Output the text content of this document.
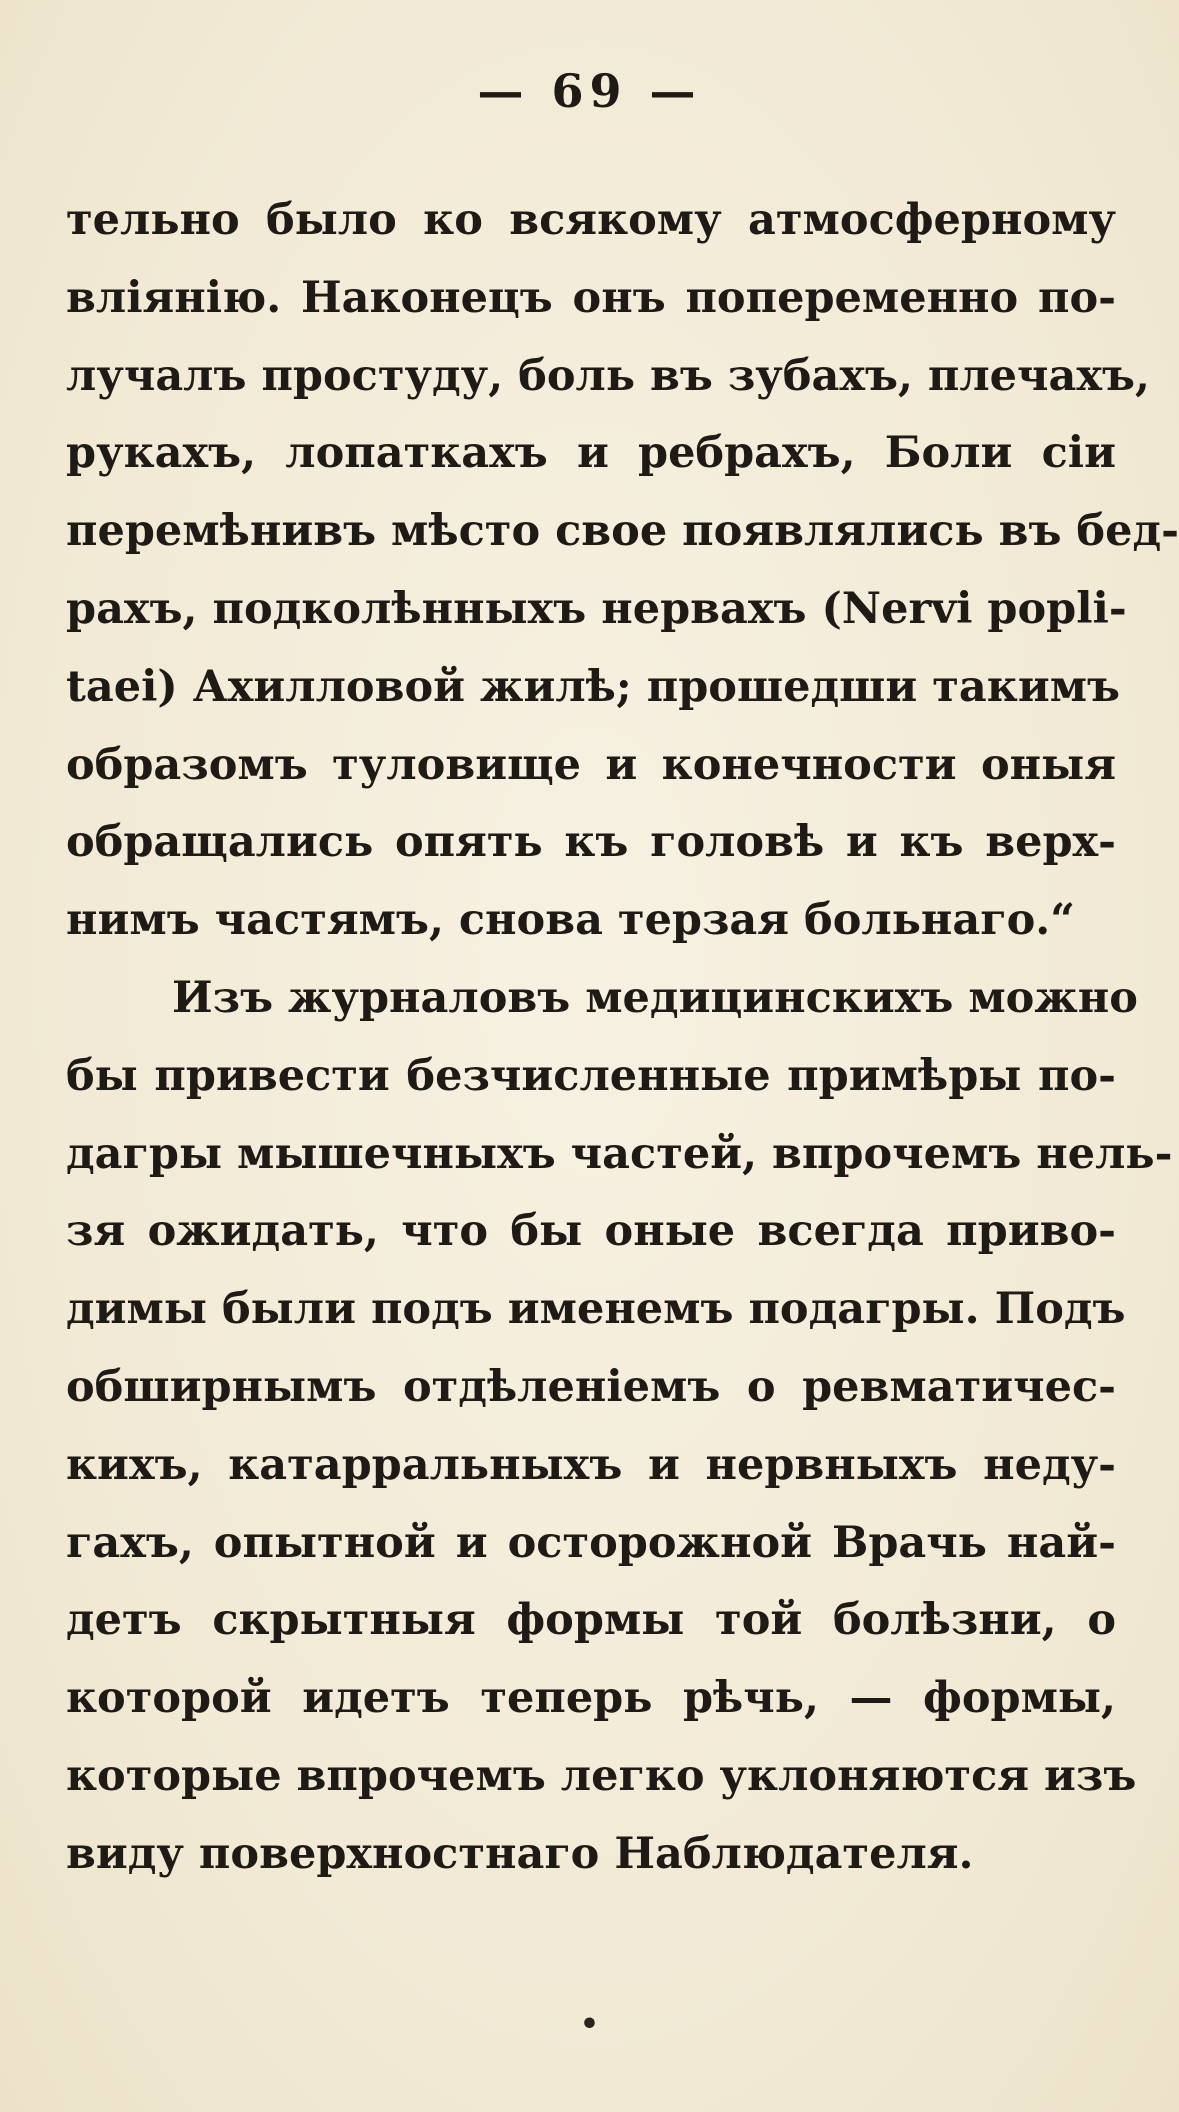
— 69 —
тельно было ко всякому атмосферному
вліянію. Наконецъ онъ попеременно по-
лучалъ простуду, боль въ зубахъ, плечахъ,
рукахъ, лопаткахъ и ребрахъ, Боли сіи
перемѣнивъ мѣсто свое появлялись въ бед-
рахъ, подколѣнныхъ нервахъ (Nervi popli-
taei) Ахилловой жилѣ; прошедши такимъ
образомъ туловище и конечности оныя
обращались опять къ головѣ и къ верх-
нимъ частямъ, снова терзая больнаго.“
Изъ журналовъ медицинскихъ можно
бы привести безчисленные примѣры по-
дагры мышечныхъ частей, впрочемъ нель-
зя ожидать, что бы оные всегда приво-
димы были подъ именемъ подагры. Подъ
обширнымъ отдѣленіемъ о ревматичес-
кихъ, катарральныхъ и нервныхъ неду-
гахъ, опытной и осторожной Врачь най-
детъ скрытныя формы той болѣзни, о
которой идетъ теперь рѣчь, — формы,
которые впрочемъ легко уклоняются изъ
виду поверхностнаго Наблюдателя.
•
